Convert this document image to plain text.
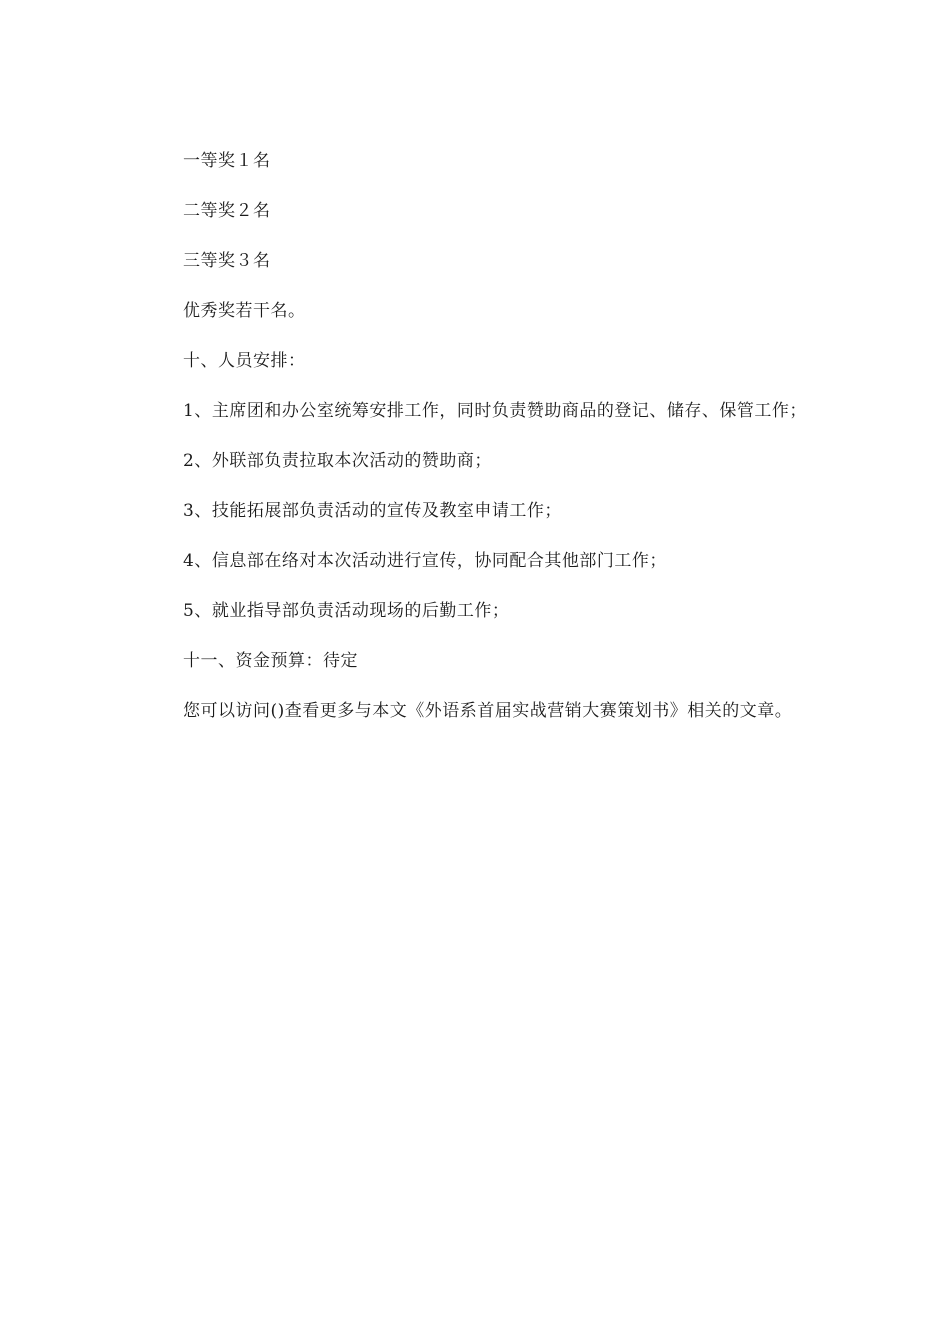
一等奖１名

二等奖２名

三等奖３名

优秀奖若干名。

十、人员安排：

1、主席团和办公室统筹安排工作，同时负责赞助商品的登记、储存、保管工作；

2、外联部负责拉取本次活动的赞助商；

3、技能拓展部负责活动的宣传及教室申请工作；

4、信息部在络对本次活动进行宣传，协同配合其他部门工作；

5、就业指导部负责活动现场的后勤工作；

十一、资金预算：待定

您可以访问()查看更多与本文《外语系首届实战营销大赛策划书》相关的文章。
